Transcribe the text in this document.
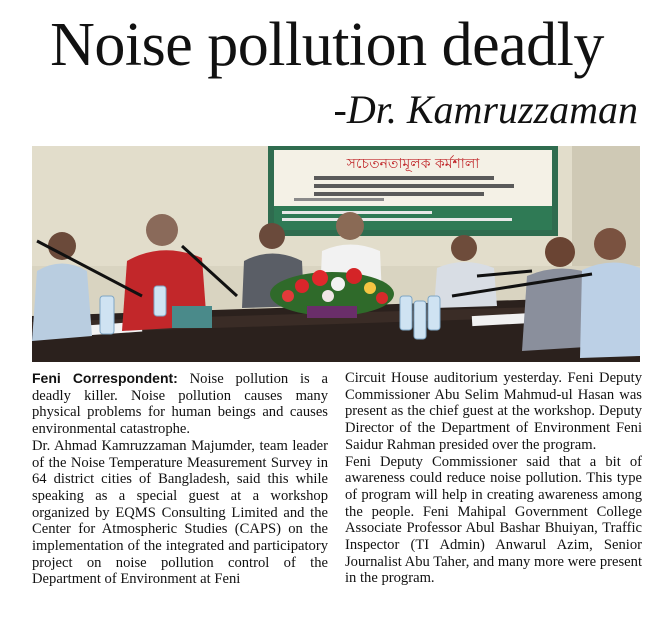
Noise pollution deadly
-Dr. Kamruzzaman
সচেতনতামূলক কর্মশালা

Feni Correspondent: Noise pollution is a deadly killer. Noise pollution causes many physical problems for human beings and causes environmental catastrophe.

Dr. Ahmad Kamruzzaman Majumder, team leader of the Noise Temperature Measurement Survey in 64 district cities of Bangladesh, said this while speaking as a special guest at a workshop organized by EQMS Consulting Limited and the Center for Atmospheric Studies (CAPS) on the implementation of the integrated and participatory project on noise pollution control of the Department of Environment at Feni

Circuit House auditorium yesterday. Feni Deputy Commissioner Abu Selim Mahmud-ul Hasan was present as the chief guest at the workshop. Deputy Director of the Department of Environment Feni Saidur Rahman presided over the program.

Feni Deputy Commissioner said that a bit of awareness could reduce noise pollution. This type of program will help in creating awareness among the people. Feni Mahipal Government College Associate Professor Abul Bashar Bhuiyan, Traffic Inspector (TI Admin) Anwarul Azim, Senior Journalist Abu Taher, and many more were present in the program.
